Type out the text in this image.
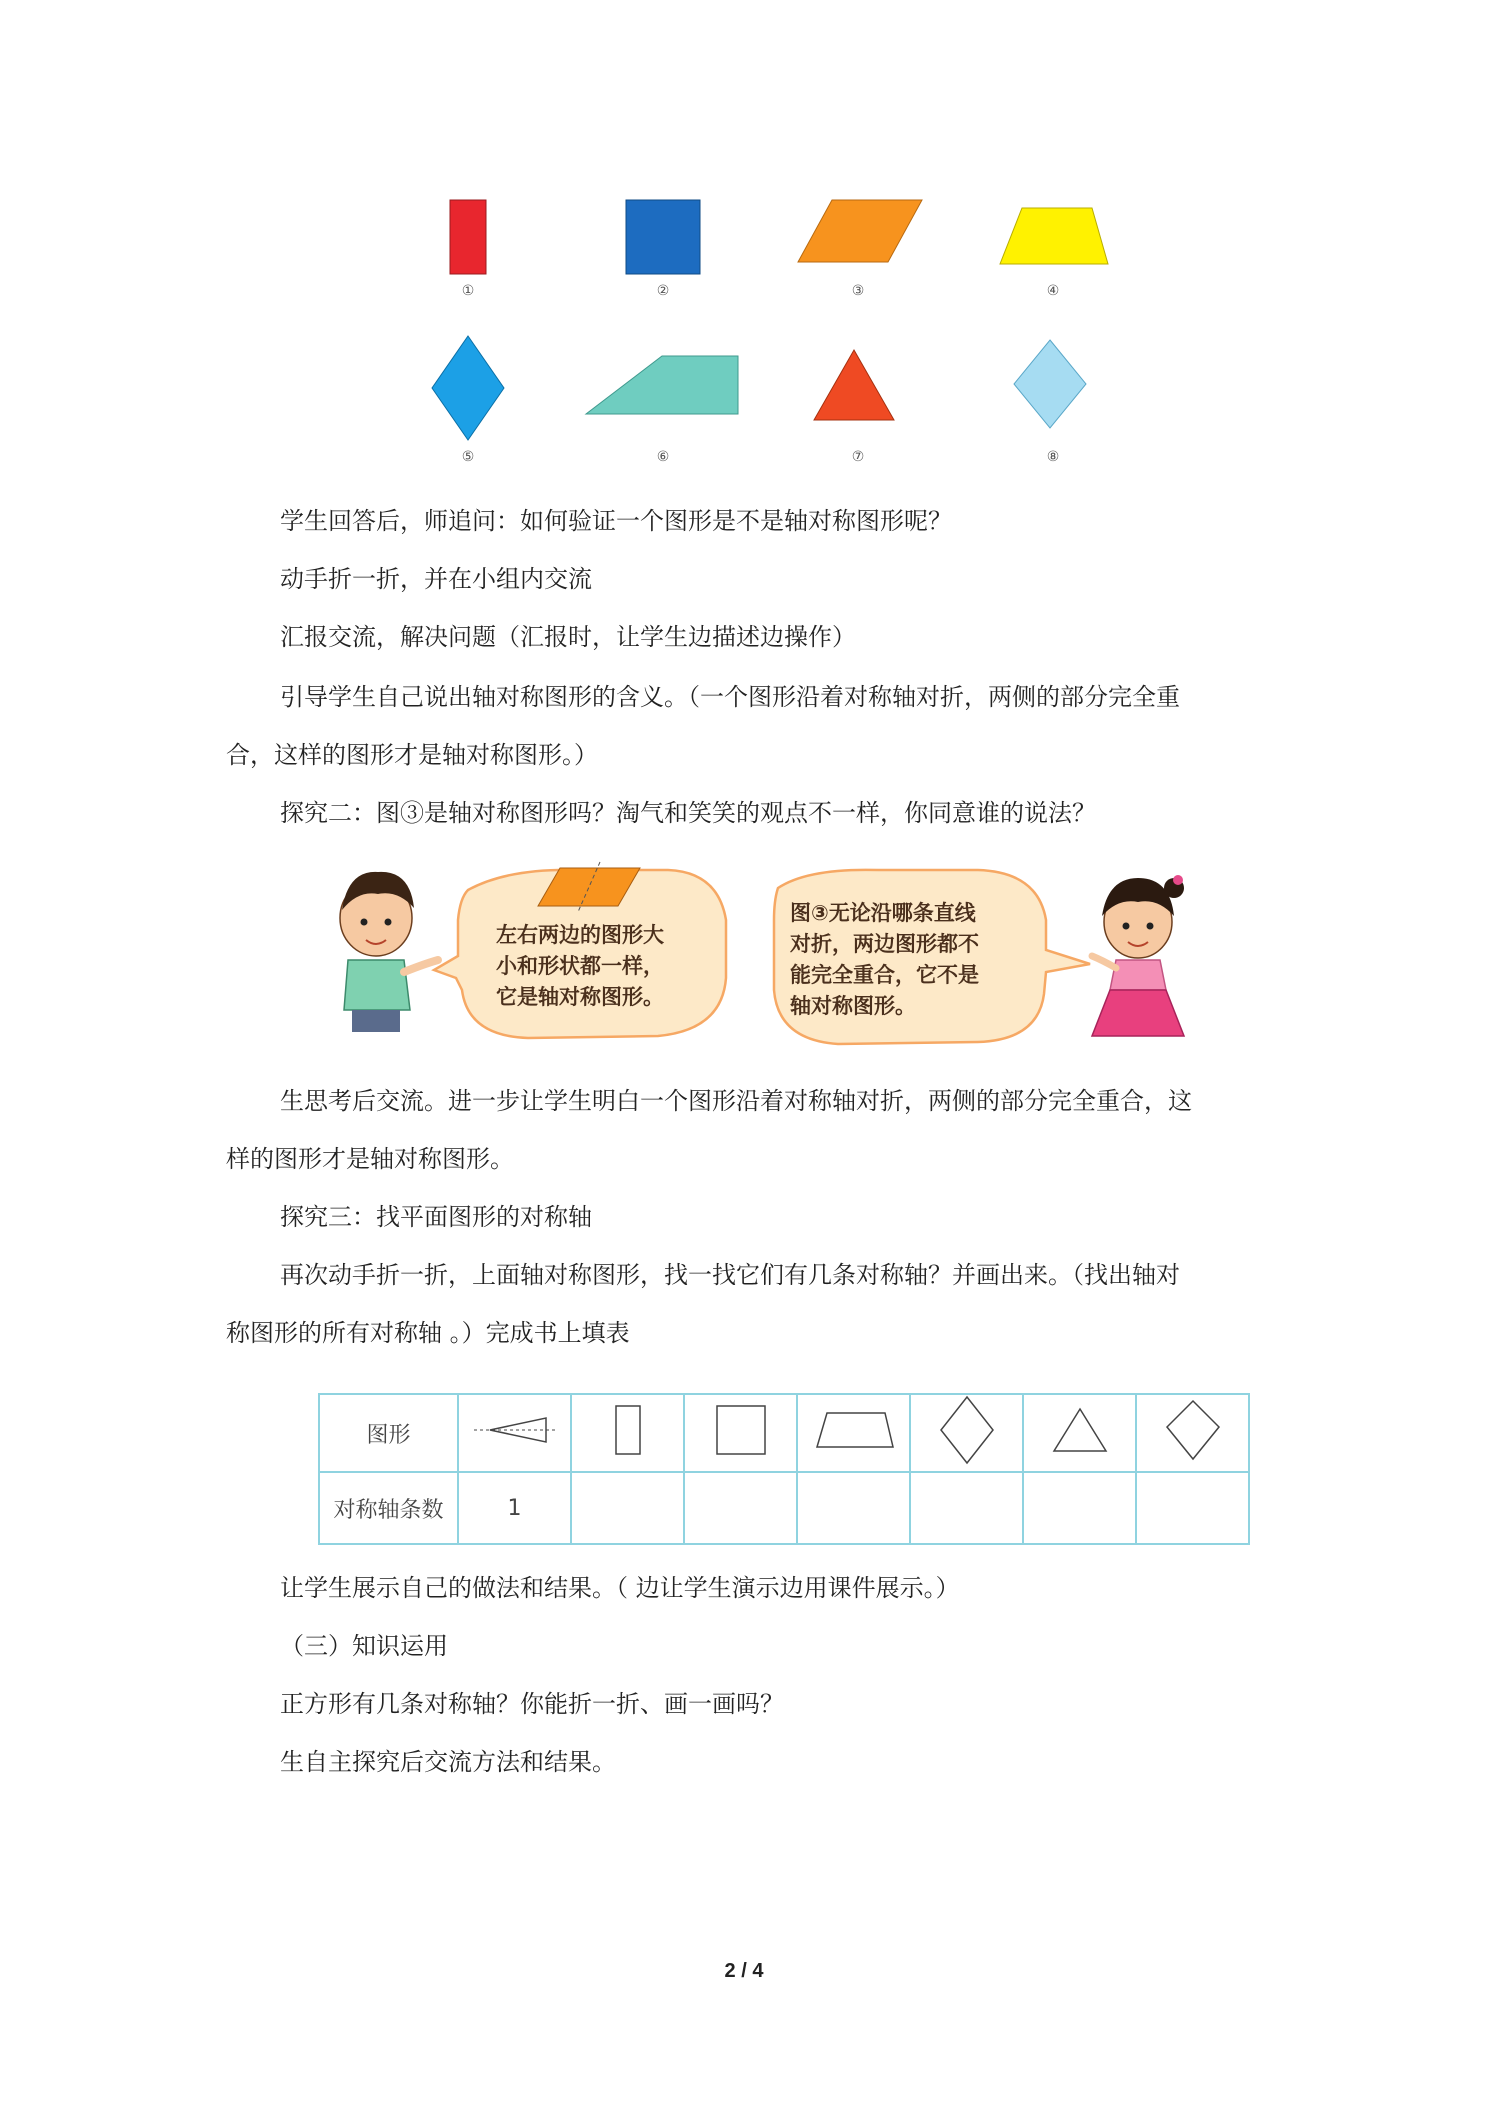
①	②	③	④
⑤	⑥	⑦	⑧
学生回答后，师追问：如何验证一个图形是不是轴对称图形呢？
动手折一折，并在小组内交流
汇报交流，解决问题（汇报时，让学生边描述边操作）
引导学生自己说出轴对称图形的含义。（一个图形沿着对称轴对折，两侧的部分完全重
合，这样的图形才是轴对称图形。）
探究二：图③是轴对称图形吗？淘气和笑笑的观点不一样，你同意谁的说法？
左右两边的图形大
小和形状都一样，
它是轴对称图形。
图③无论沿哪条直线
对折，两边图形都不
能完全重合，它不是
轴对称图形。
生思考后交流。进一步让学生明白一个图形沿着对称轴对折，两侧的部分完全重合，这
样的图形才是轴对称图形。
探究三：找平面图形的对称轴
再次动手折一折，上面轴对称图形，找一找它们有几条对称轴？并画出来。（找出轴对
称图形的所有对称轴 。）完成书上填表
图形							
对称轴条数	1						
让学生展示自己的做法和结果。（ 边让学生演示边用课件展示。）
（三）知识运用
正方形有几条对称轴？你能折一折、画一画吗？
生自主探究后交流方法和结果。
2 / 4
